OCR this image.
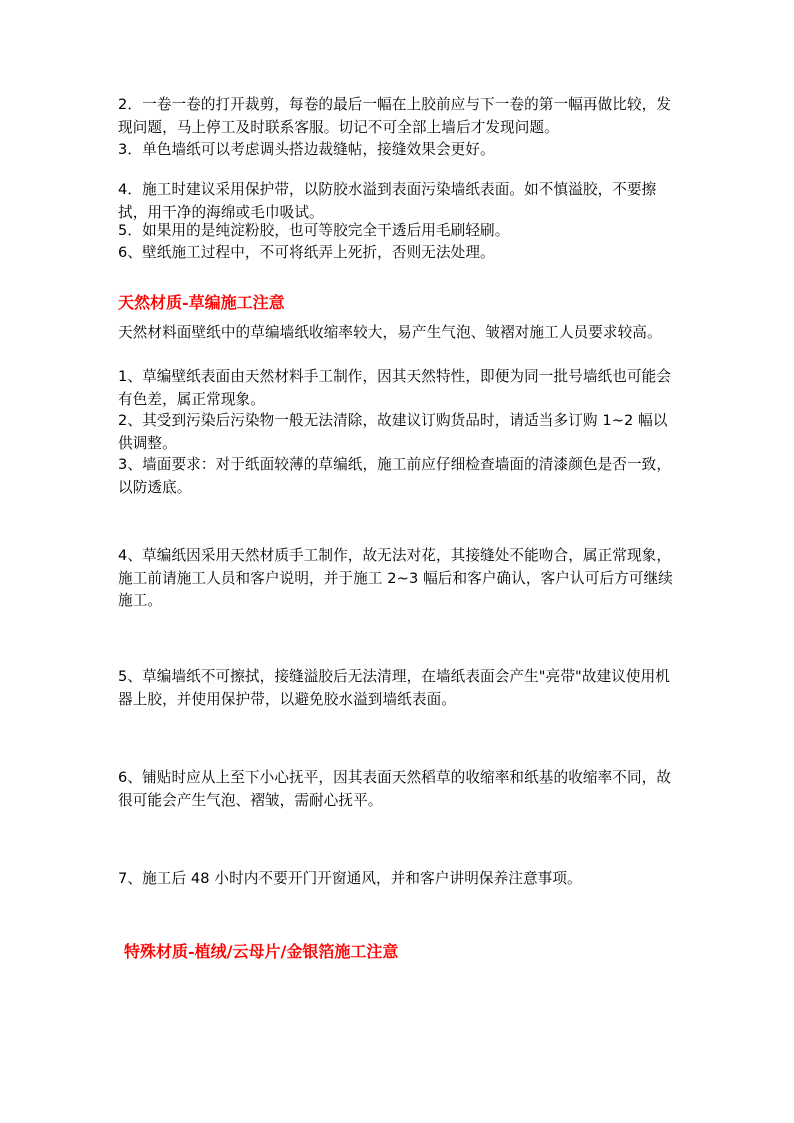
2．一卷一卷的打开裁剪，每卷的最后一幅在上胶前应与下一卷的第一幅再做比较，发现问题，马上停工及时联系客服。切记不可全部上墙后才发现问题。

3．单色墙纸可以考虑调头搭边裁缝帖，接缝效果会更好。

4．施工时建议采用保护带，以防胶水溢到表面污染墙纸表面。如不慎溢胶，不要擦拭，用干净的海绵或毛巾吸试。

5．如果用的是纯淀粉胶，也可等胶完全干透后用毛刷轻刷。

6、壁纸施工过程中，不可将纸弄上死折，否则无法处理。

天然材质-草编施工注意

天然材料面壁纸中的草编墙纸收缩率较大，易产生气泡、皱褶对施工人员要求较高。

1、草编壁纸表面由天然材料手工制作，因其天然特性，即便为同一批号墙纸也可能会有色差，属正常现象。

2、其受到污染后污染物一般无法清除，故建议订购货品时，请适当多订购 1~2 幅以供调整。

3、墙面要求：对于纸面较薄的草编纸，施工前应仔细检查墙面的清漆颜色是否一致，以防透底。

4、草编纸因采用天然材质手工制作，故无法对花，其接缝处不能吻合，属正常现象，施工前请施工人员和客户说明，并于施工 2~3 幅后和客户确认，客户认可后方可继续施工。

5、草编墙纸不可擦拭，接缝溢胶后无法清理，在墙纸表面会产生"亮带"故建议使用机器上胶，并使用保护带，以避免胶水溢到墙纸表面。

6、铺贴时应从上至下小心抚平，因其表面天然稻草的收缩率和纸基的收缩率不同，故很可能会产生气泡、褶皱，需耐心抚平。

7、施工后 48 小时内不要开门开窗通风，并和客户讲明保养注意事项。

特殊材质-植绒/云母片/金银箔施工注意
